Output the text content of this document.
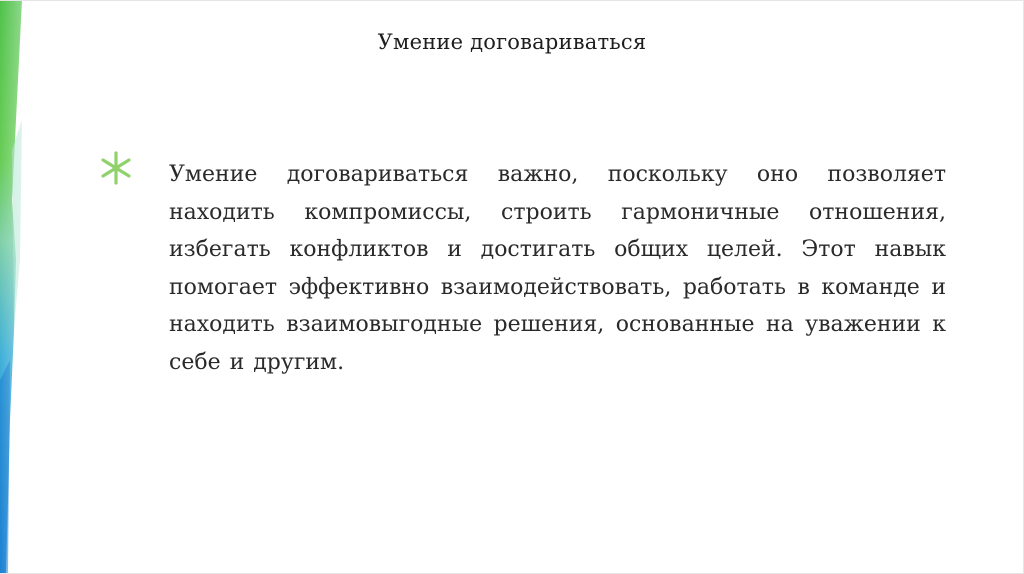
Умение договариваться
Умение договариваться важно, поскольку оно позволяет находить компромиссы, строить гармоничные отношения, избегать конфликтов и достигать общих целей. Этот навык помогает эффективно взаимодействовать, работать в команде и находить взаимовыгодные решения, основанные на уважении к себе и другим.
